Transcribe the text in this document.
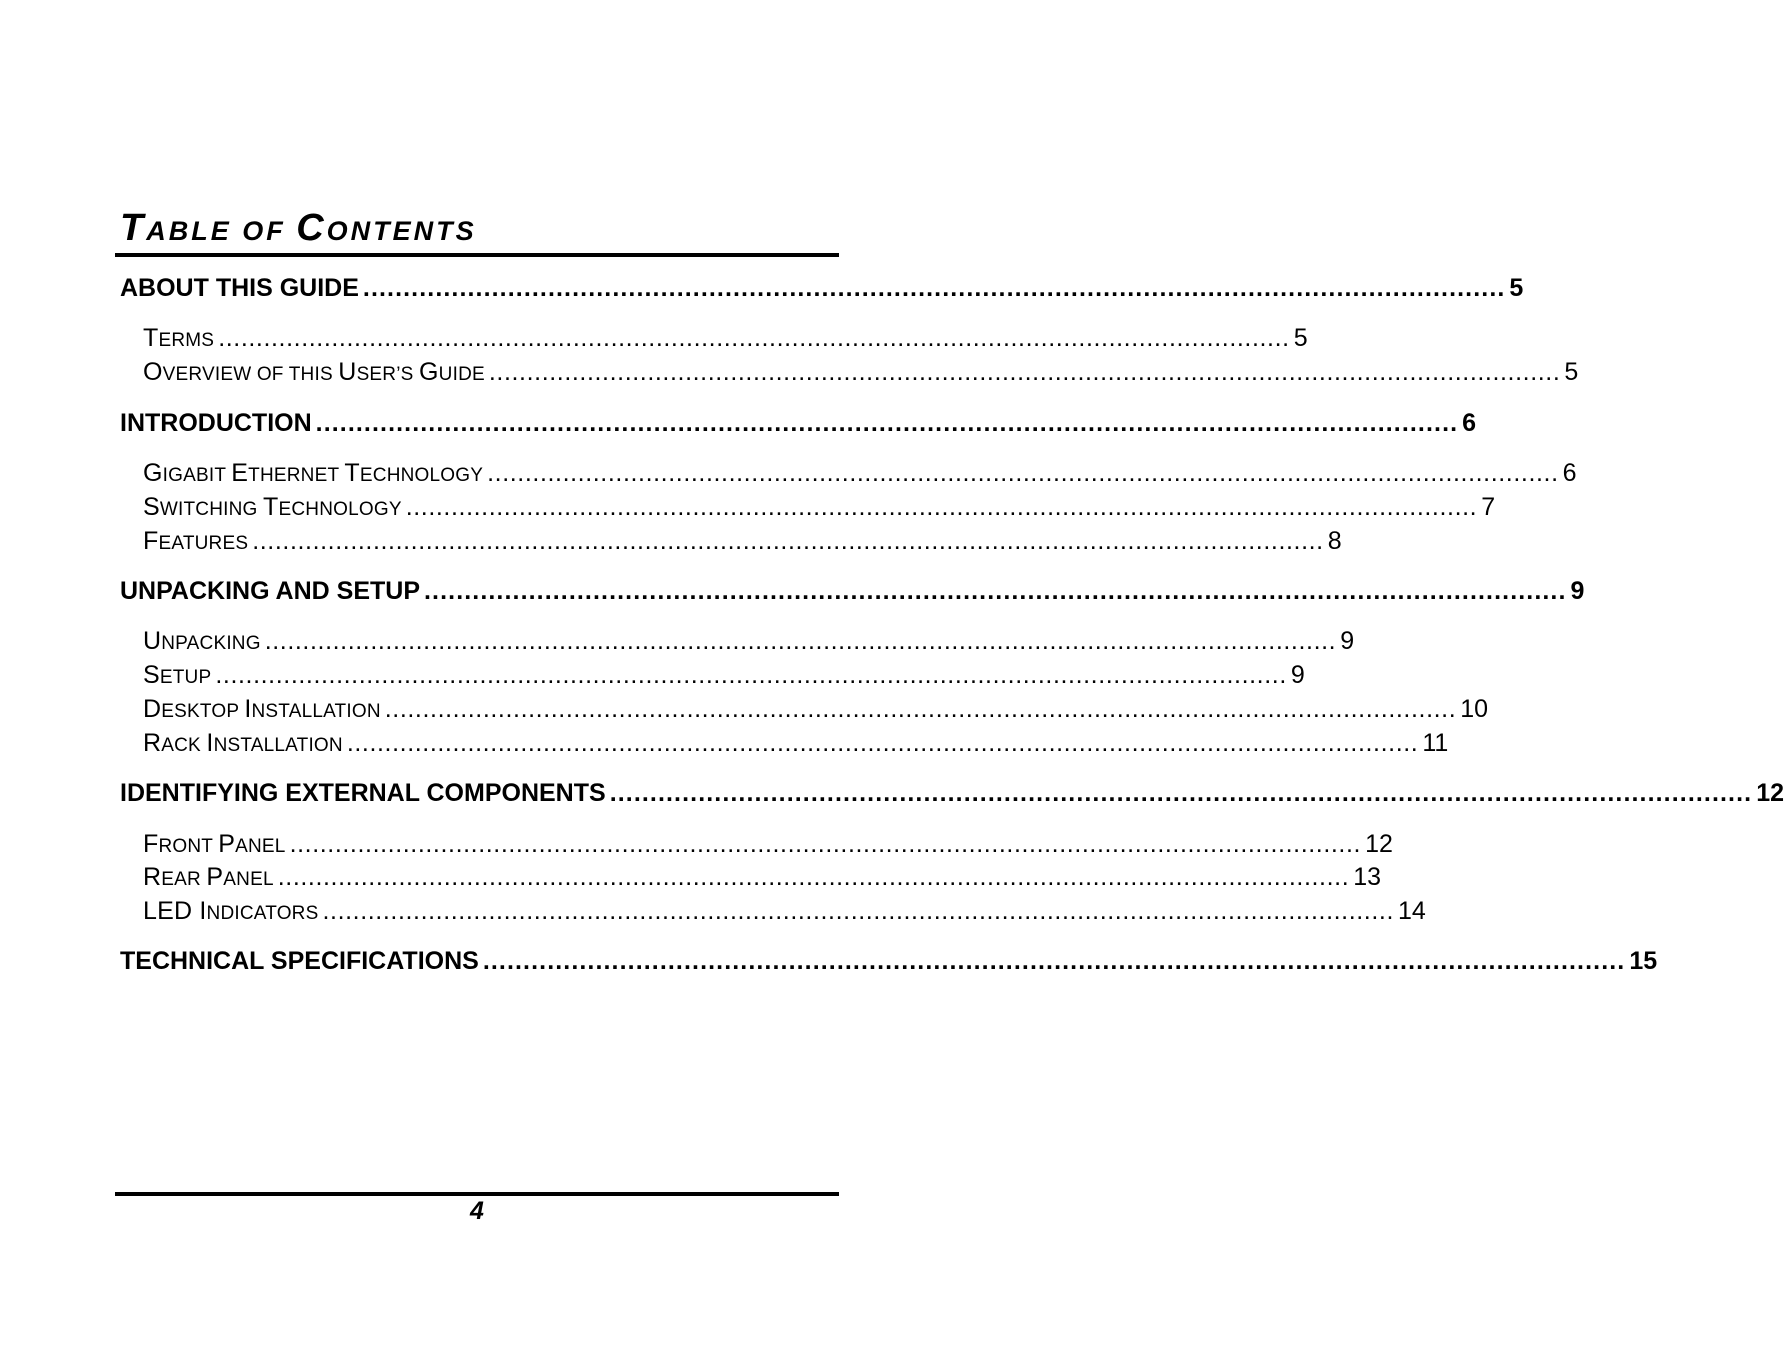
TABLE OF CONTENTS
ABOUT THIS GUIDE .............................................................................................................................................. 5
TERMS .............................................................................................................................................. 5
OVERVIEW OF THIS USER’S GUIDE .............................................................................................................................................. 5
INTRODUCTION .............................................................................................................................................. 6
GIGABIT ETHERNET TECHNOLOGY .............................................................................................................................................. 6
SWITCHING TECHNOLOGY .............................................................................................................................................. 7
FEATURES .............................................................................................................................................. 8
UNPACKING AND SETUP .............................................................................................................................................. 9
UNPACKING .............................................................................................................................................. 9
SETUP .............................................................................................................................................. 9
DESKTOP INSTALLATION .............................................................................................................................................. 10
RACK INSTALLATION .............................................................................................................................................. 11
IDENTIFYING EXTERNAL COMPONENTS .............................................................................................................................................. 12
FRONT PANEL .............................................................................................................................................. 12
REAR PANEL .............................................................................................................................................. 13
LED INDICATORS .............................................................................................................................................. 14
TECHNICAL SPECIFICATIONS .............................................................................................................................................. 15
4
